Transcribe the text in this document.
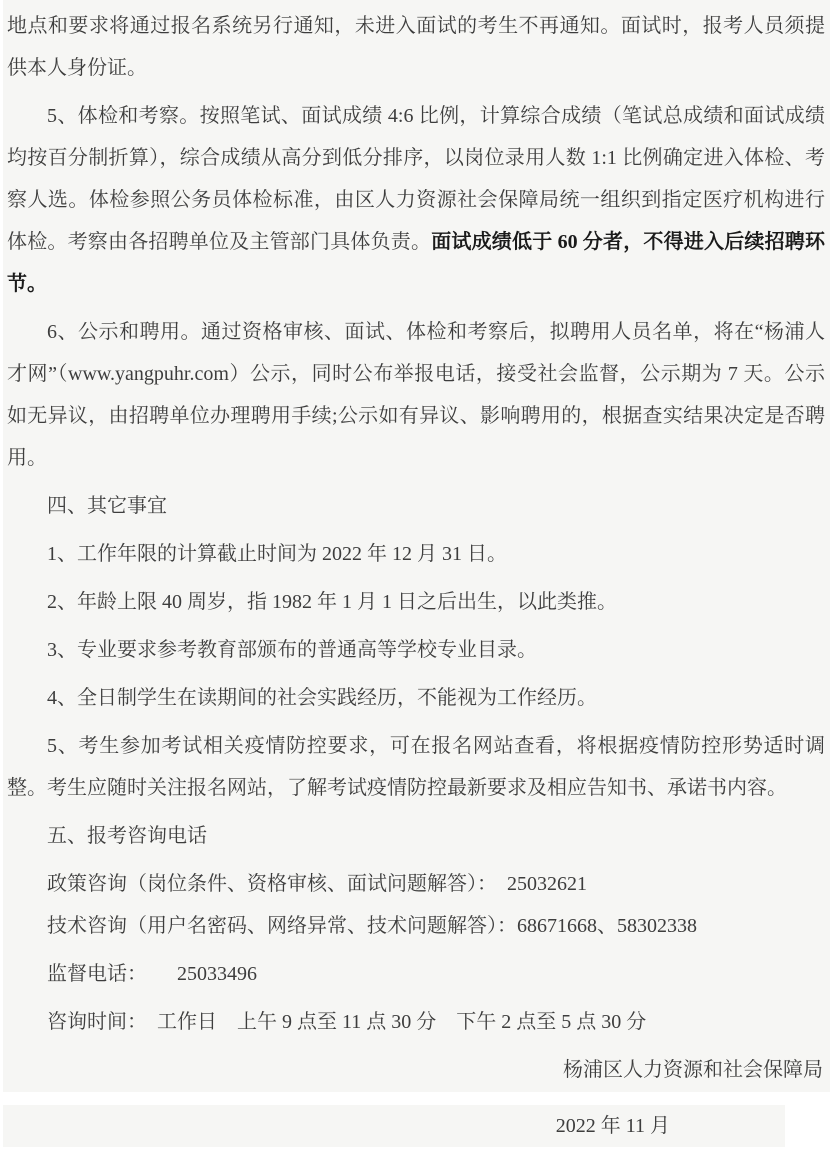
地点和要求将通过报名系统另行通知，未进入面试的考生不再通知。面试时，报考人员须提供本人身份证。

5、体检和考察。按照笔试、面试成绩 4:6 比例，计算综合成绩（笔试总成绩和面试成绩均按百分制折算），综合成绩从高分到低分排序，以岗位录用人数 1:1 比例确定进入体检、考察人选。体检参照公务员体检标准，由区人力资源社会保障局统一组织到指定医疗机构进行体检。考察由各招聘单位及主管部门具体负责。面试成绩低于 60 分者，不得进入后续招聘环节。

6、公示和聘用。通过资格审核、面试、体检和考察后，拟聘用人员名单，将在“杨浦人才网”（www.yangpuhr.com）公示，同时公布举报电话，接受社会监督，公示期为 7 天。公示如无异议，由招聘单位办理聘用手续;公示如有异议、影响聘用的，根据查实结果决定是否聘用。

四、其它事宜

1、工作年限的计算截止时间为 2022 年 12 月 31 日。

2、年龄上限 40 周岁，指 1982 年 1 月 1 日之后出生，以此类推。

3、专业要求参考教育部颁布的普通高等学校专业目录。

4、全日制学生在读期间的社会实践经历，不能视为工作经历。

5、考生参加考试相关疫情防控要求，可在报名网站查看，将根据疫情防控形势适时调整。考生应随时关注报名网站，了解考试疫情防控最新要求及相应告知书、承诺书内容。

五、报考咨询电话

政策咨询（岗位条件、资格审核、面试问题解答）：　25032621

技术咨询（用户名密码、网络异常、技术问题解答）：68671668、58302338

监督电话：　　25033496

咨询时间：　工作日　上午 9 点至 11 点 30 分　下午 2 点至 5 点 30 分

杨浦区人力资源和社会保障局

2022 年 11 月
